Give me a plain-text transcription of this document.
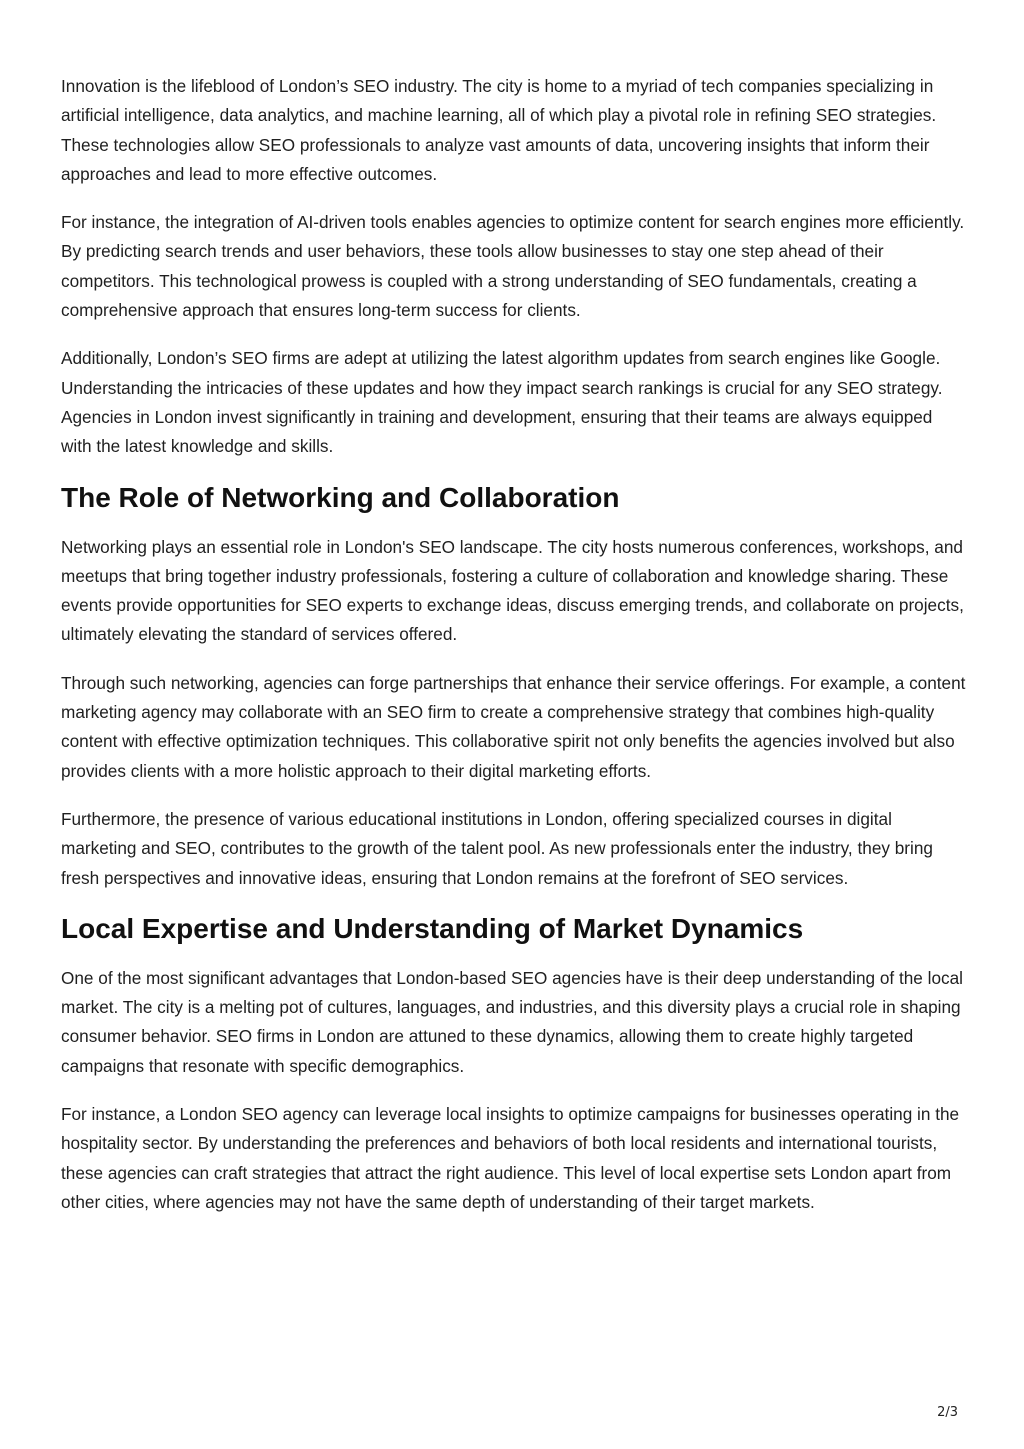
Innovation is the lifeblood of London’s SEO industry. The city is home to a myriad of tech companies specializing in artificial intelligence, data analytics, and machine learning, all of which play a pivotal role in refining SEO strategies. These technologies allow SEO professionals to analyze vast amounts of data, uncovering insights that inform their approaches and lead to more effective outcomes.

For instance, the integration of AI-driven tools enables agencies to optimize content for search engines more efficiently. By predicting search trends and user behaviors, these tools allow businesses to stay one step ahead of their competitors. This technological prowess is coupled with a strong understanding of SEO fundamentals, creating a comprehensive approach that ensures long-term success for clients.

Additionally, London’s SEO firms are adept at utilizing the latest algorithm updates from search engines like Google. Understanding the intricacies of these updates and how they impact search rankings is crucial for any SEO strategy. Agencies in London invest significantly in training and development, ensuring that their teams are always equipped with the latest knowledge and skills.

The Role of Networking and Collaboration

Networking plays an essential role in London's SEO landscape. The city hosts numerous conferences, workshops, and meetups that bring together industry professionals, fostering a culture of collaboration and knowledge sharing. These events provide opportunities for SEO experts to exchange ideas, discuss emerging trends, and collaborate on projects, ultimately elevating the standard of services offered.

Through such networking, agencies can forge partnerships that enhance their service offerings. For example, a content marketing agency may collaborate with an SEO firm to create a comprehensive strategy that combines high-quality content with effective optimization techniques. This collaborative spirit not only benefits the agencies involved but also provides clients with a more holistic approach to their digital marketing efforts.

Furthermore, the presence of various educational institutions in London, offering specialized courses in digital marketing and SEO, contributes to the growth of the talent pool. As new professionals enter the industry, they bring fresh perspectives and innovative ideas, ensuring that London remains at the forefront of SEO services.

Local Expertise and Understanding of Market Dynamics

One of the most significant advantages that London-based SEO agencies have is their deep understanding of the local market. The city is a melting pot of cultures, languages, and industries, and this diversity plays a crucial role in shaping consumer behavior. SEO firms in London are attuned to these dynamics, allowing them to create highly targeted campaigns that resonate with specific demographics.

For instance, a London SEO agency can leverage local insights to optimize campaigns for businesses operating in the hospitality sector. By understanding the preferences and behaviors of both local residents and international tourists, these agencies can craft strategies that attract the right audience. This level of local expertise sets London apart from other cities, where agencies may not have the same depth of understanding of their target markets.

2/3
